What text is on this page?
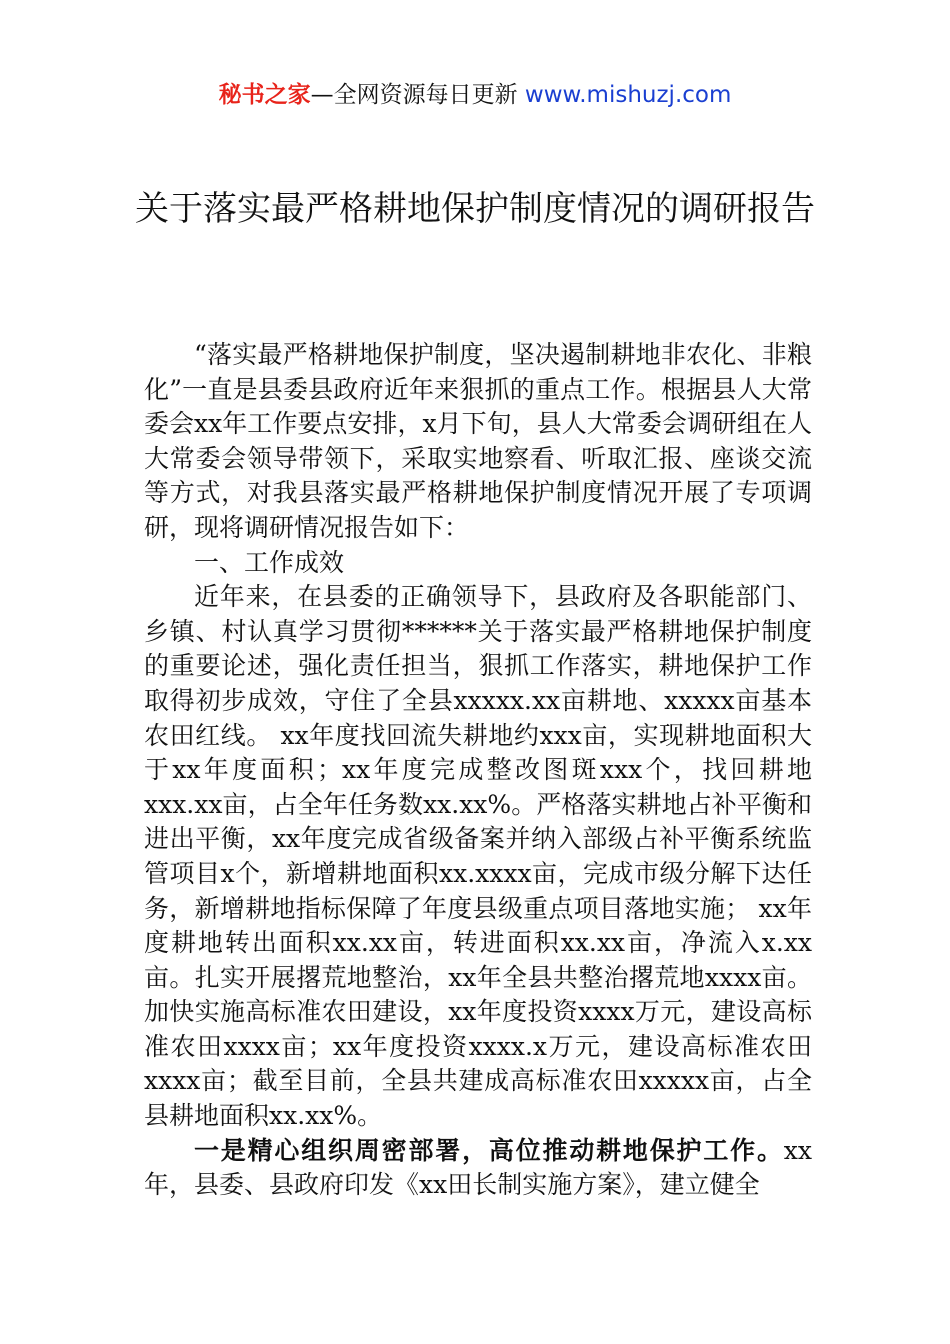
秘书之家—全网资源每日更新 www.mishuzj.com
关于落实最严格耕地保护制度情况的调研报告

“落实最严格耕地保护制度，坚决遏制耕地非农化、非粮化”一直是县委县政府近年来狠抓的重点工作。根据县人大常委会xx年工作要点安排，x月下旬，县人大常委会调研组在人大常委会领导带领下，采取实地察看、听取汇报、座谈交流等方式，对我县落实最严格耕地保护制度情况开展了专项调研，现将调研情况报告如下：

一、工作成效

近年来，在县委的正确领导下，县政府及各职能部门、乡镇、村认真学习贯彻******关于落实最严格耕地保护制度的重要论述，强化责任担当，狠抓工作落实，耕地保护工作取得初步成效，守住了全县xxxxx.xx亩耕地、xxxxx亩基本农田红线。 xx年度找回流失耕地约xxx亩，实现耕地面积大于xx年度面积；xx年度完成整改图斑xxx个，找回耕地xxx.xx亩，占全年任务数xx.xx%。严格落实耕地占补平衡和进出平衡，xx年度完成省级备案并纳入部级占补平衡系统监管项目x个，新增耕地面积xx.xxxx亩，完成市级分解下达任务，新增耕地指标保障了年度县级重点项目落地实施； xx年度耕地转出面积xx.xx亩，转进面积xx.xx亩，净流入x.xx亩。扎实开展撂荒地整治，xx年全县共整治撂荒地xxxx亩。加快实施高标准农田建设，xx年度投资xxxx万元，建设高标准农田xxxx亩；xx年度投资xxxx.x万元，建设高标准农田xxxx亩；截至目前，全县共建成高标准农田xxxxx亩，占全县耕地面积xx.xx%。

一是精心组织周密部署，高位推动耕地保护工作。xx年，县委、县政府印发《xx田长制实施方案》，建立健全
